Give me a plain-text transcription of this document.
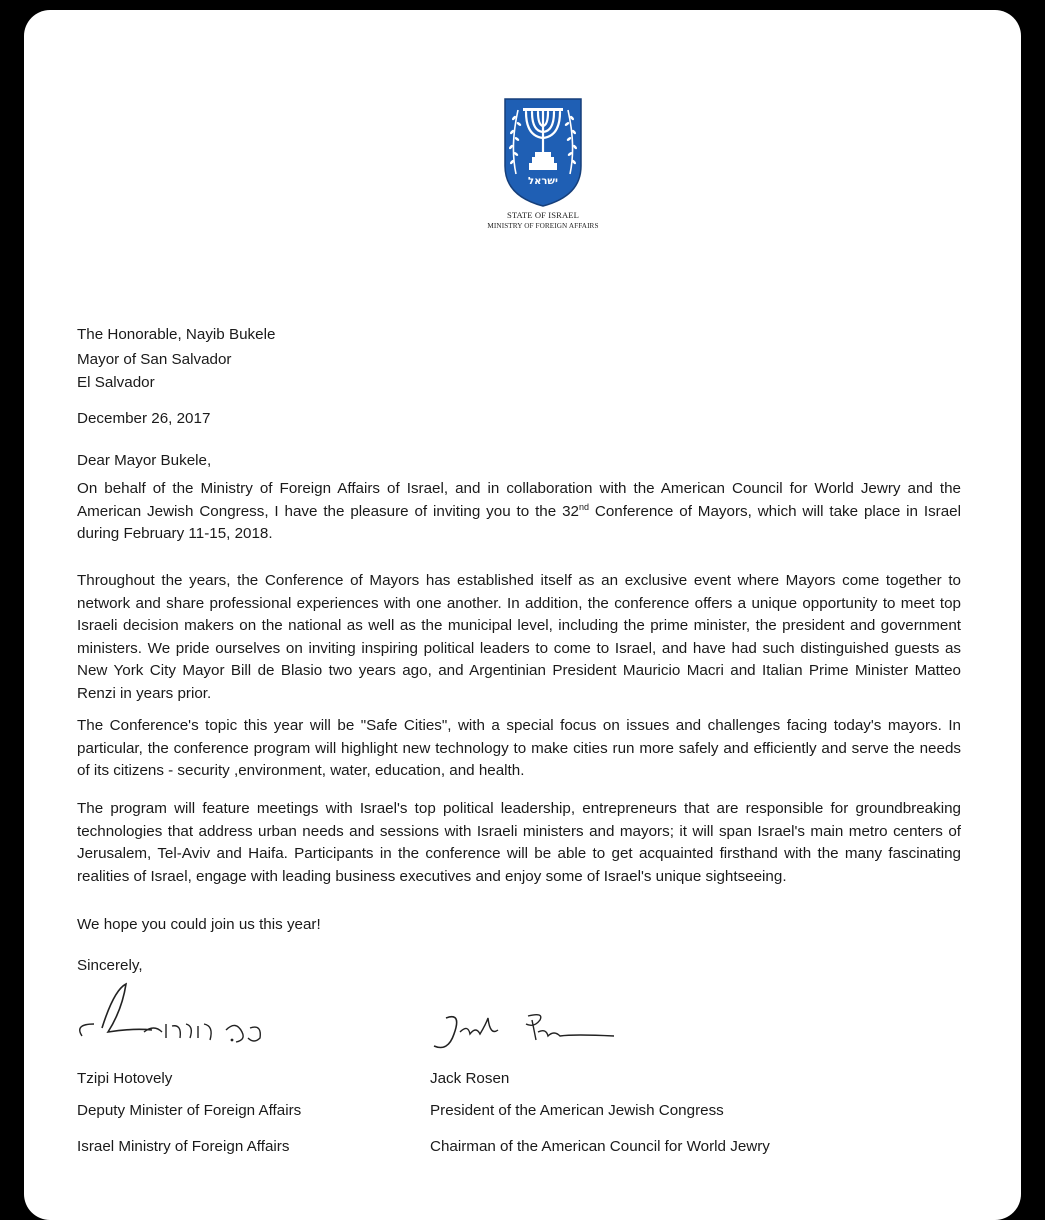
ישראל
STATE OF ISRAEL
MINISTRY OF FOREIGN AFFAIRS
The Honorable, Nayib Bukele
Mayor of San Salvador
El Salvador
December 26, 2017
Dear Mayor Bukele,
On behalf of the Ministry of Foreign Affairs of Israel, and in collaboration with the American Council for World Jewry and the American Jewish Congress, I have the pleasure of inviting you to the 32nd Conference of Mayors, which will take place in Israel during February 11-15, 2018.
Throughout the years, the Conference of Mayors has established itself as an exclusive event where Mayors come together to network and share professional experiences with one another. In addition, the conference offers a unique opportunity to meet top Israeli decision makers on the national as well as the municipal level, including the prime minister, the president and government ministers. We pride ourselves on inviting inspiring political leaders to come to Israel, and have had such distinguished guests as New York City Mayor Bill de Blasio two years ago, and Argentinian President Mauricio Macri and Italian Prime Minister Matteo Renzi in years prior.
The Conference's topic this year will be "Safe Cities", with a special focus on issues and challenges facing today's mayors. In particular, the conference program will highlight new technology to make cities run more safely and efficiently and serve the needs of its citizens - security ,environment, water, education, and health.
The program will feature meetings with Israel's top political leadership, entrepreneurs that are responsible for groundbreaking technologies that address urban needs and sessions with Israeli ministers and mayors; it will span Israel's main metro centers of Jerusalem, Tel-Aviv and Haifa. Participants in the conference will be able to get acquainted firsthand with the many fascinating realities of Israel, engage with leading business executives and enjoy some of Israel's unique sightseeing.
We hope you could join us this year!
Sincerely,
Tzipi Hotovely
Deputy Minister of Foreign Affairs
Israel Ministry of Foreign Affairs
Jack Rosen
President of the American Jewish Congress
Chairman of the American Council for World Jewry
